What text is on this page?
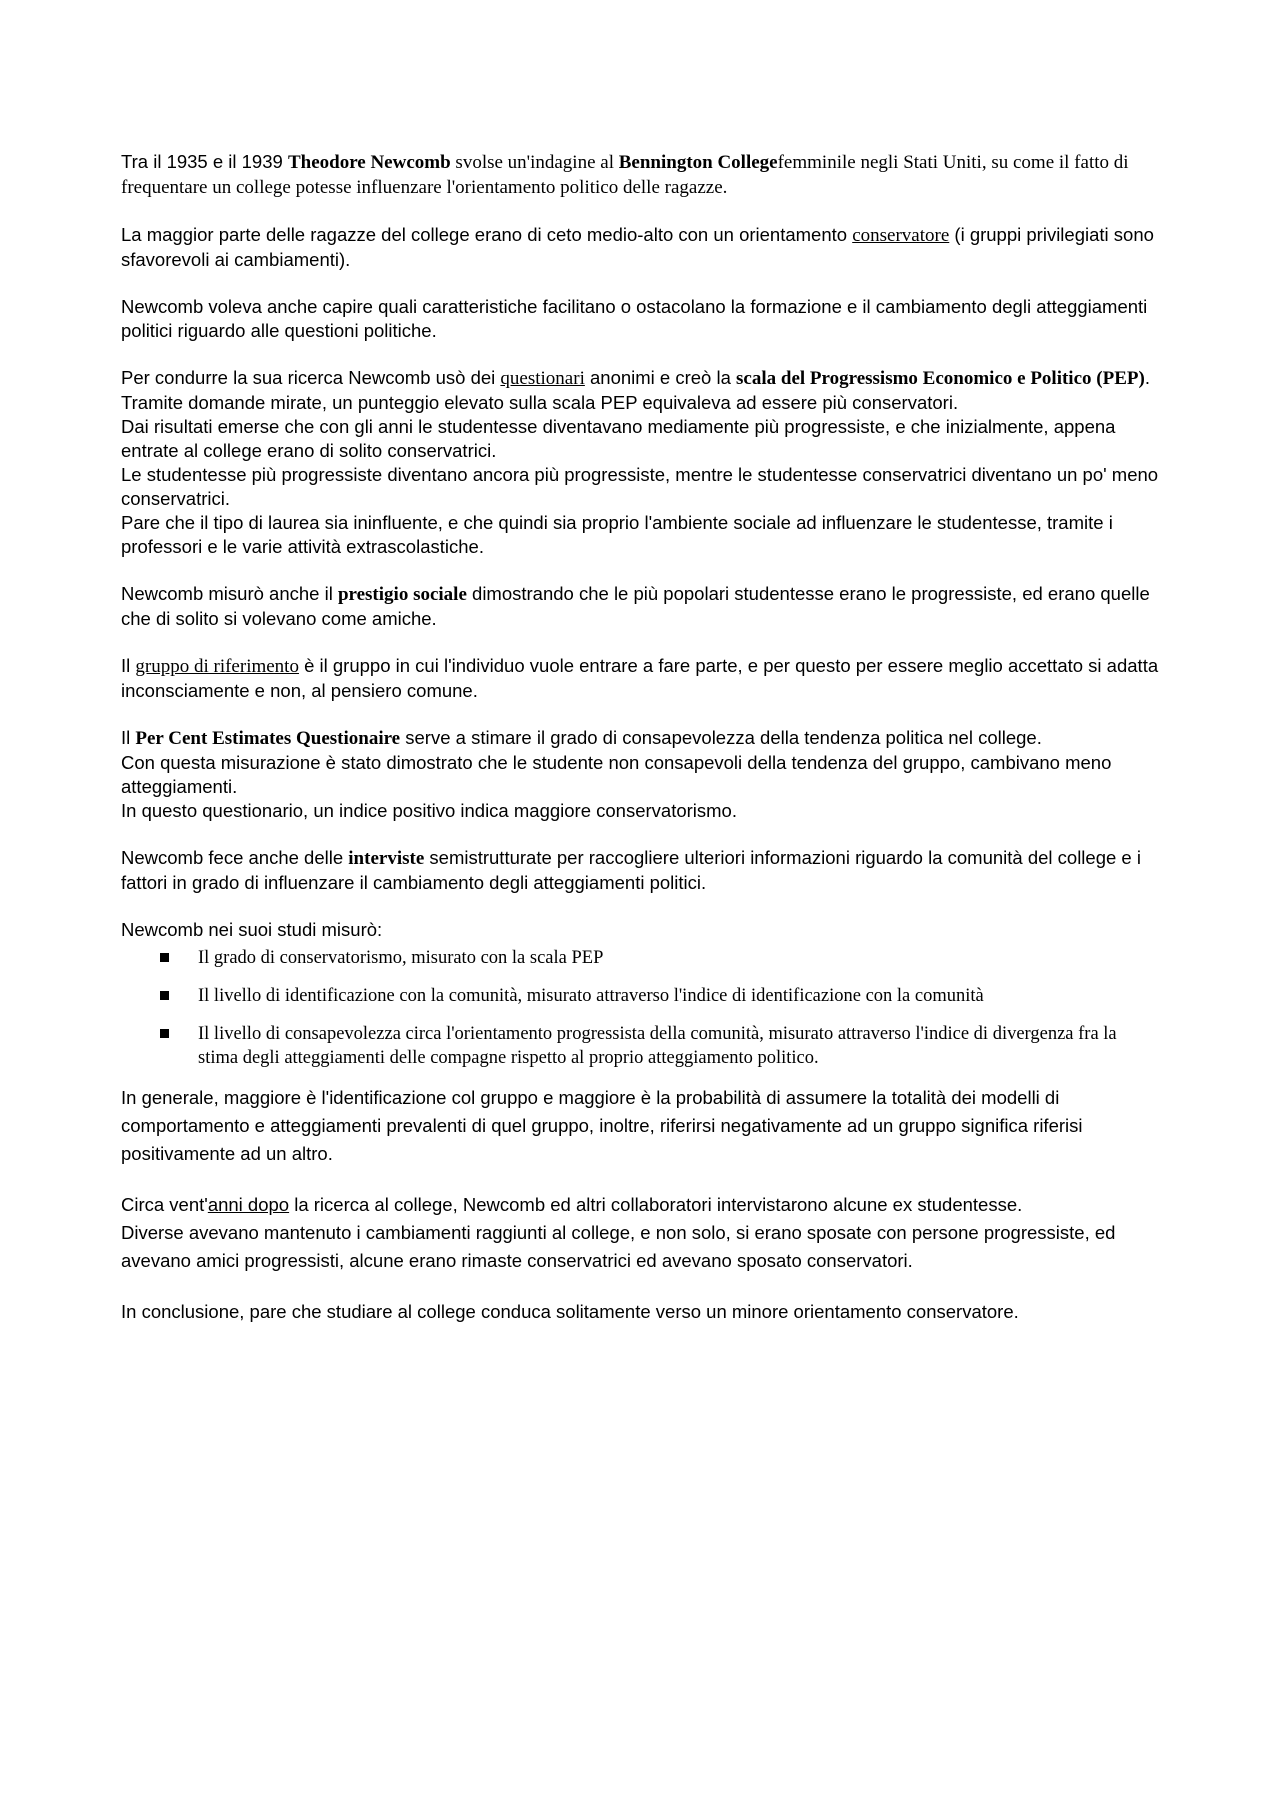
Tra il 1935 e il 1939 Theodore Newcomb svolse un'indagine al Bennington Collegefemminile negli Stati Uniti, su come il fatto di frequentare un college potesse influenzare l'orientamento politico delle ragazze.

La maggior parte delle ragazze del college erano di ceto medio-alto con un orientamento conservatore (i gruppi privilegiati sono sfavorevoli ai cambiamenti).

Newcomb voleva anche capire quali caratteristiche facilitano o ostacolano la formazione e il cambiamento degli atteggiamenti politici riguardo alle questioni politiche.

Per condurre la sua ricerca Newcomb usò dei questionari anonimi e creò la scala del Progressismo Economico e Politico (PEP).

Tramite domande mirate, un punteggio elevato sulla scala PEP equivaleva ad essere più conservatori.

Dai risultati emerse che con gli anni le studentesse diventavano mediamente più progressiste, e che inizialmente, appena entrate al college erano di solito conservatrici.

Le studentesse più progressiste diventano ancora più progressiste, mentre le studentesse conservatrici diventano un po' meno conservatrici.

Pare che il tipo di laurea sia ininfluente, e che quindi sia proprio l'ambiente sociale ad influenzare le studentesse, tramite i professori e le varie attività extrascolastiche.

Newcomb misurò anche il prestigio sociale dimostrando che le più popolari studentesse erano le progressiste, ed erano quelle che di solito si volevano come amiche.

Il gruppo di riferimento è il gruppo in cui l'individuo vuole entrare a fare parte, e per questo per essere meglio accettato si adatta inconsciamente e non, al pensiero comune.

Il Per Cent Estimates Questionaire serve a stimare il grado di consapevolezza della tendenza politica nel college.

Con questa misurazione è stato dimostrato che le studente non consapevoli della tendenza del gruppo, cambivano meno atteggiamenti.

In questo questionario, un indice positivo indica maggiore conservatorismo.

Newcomb fece anche delle interviste semistrutturate per raccogliere ulteriori informazioni riguardo la comunità del college e i fattori in grado di influenzare il cambiamento degli atteggiamenti politici.

Newcomb nei suoi studi misurò:

Il grado di conservatorismo, misurato con la scala PEP
Il livello di identificazione con la comunità, misurato attraverso l'indice di identificazione con la comunità
Il livello di consapevolezza circa l'orientamento progressista della comunità, misurato attraverso l'indice di divergenza fra la stima degli atteggiamenti delle compagne rispetto al proprio atteggiamento politico.

In generale, maggiore è l'identificazione col gruppo e maggiore è la probabilità di assumere la totalità dei modelli di comportamento e atteggiamenti prevalenti di quel gruppo, inoltre, riferirsi negativamente ad un gruppo significa riferisi positivamente ad un altro.

Circa vent'anni dopo la ricerca al college, Newcomb ed altri collaboratori intervistarono alcune ex studentesse.

Diverse avevano mantenuto i cambiamenti raggiunti al college, e non solo, si erano sposate con persone progressiste, ed avevano amici progressisti, alcune erano rimaste conservatrici ed avevano sposato conservatori.

In conclusione, pare che studiare al college conduca solitamente verso un minore orientamento conservatore.
